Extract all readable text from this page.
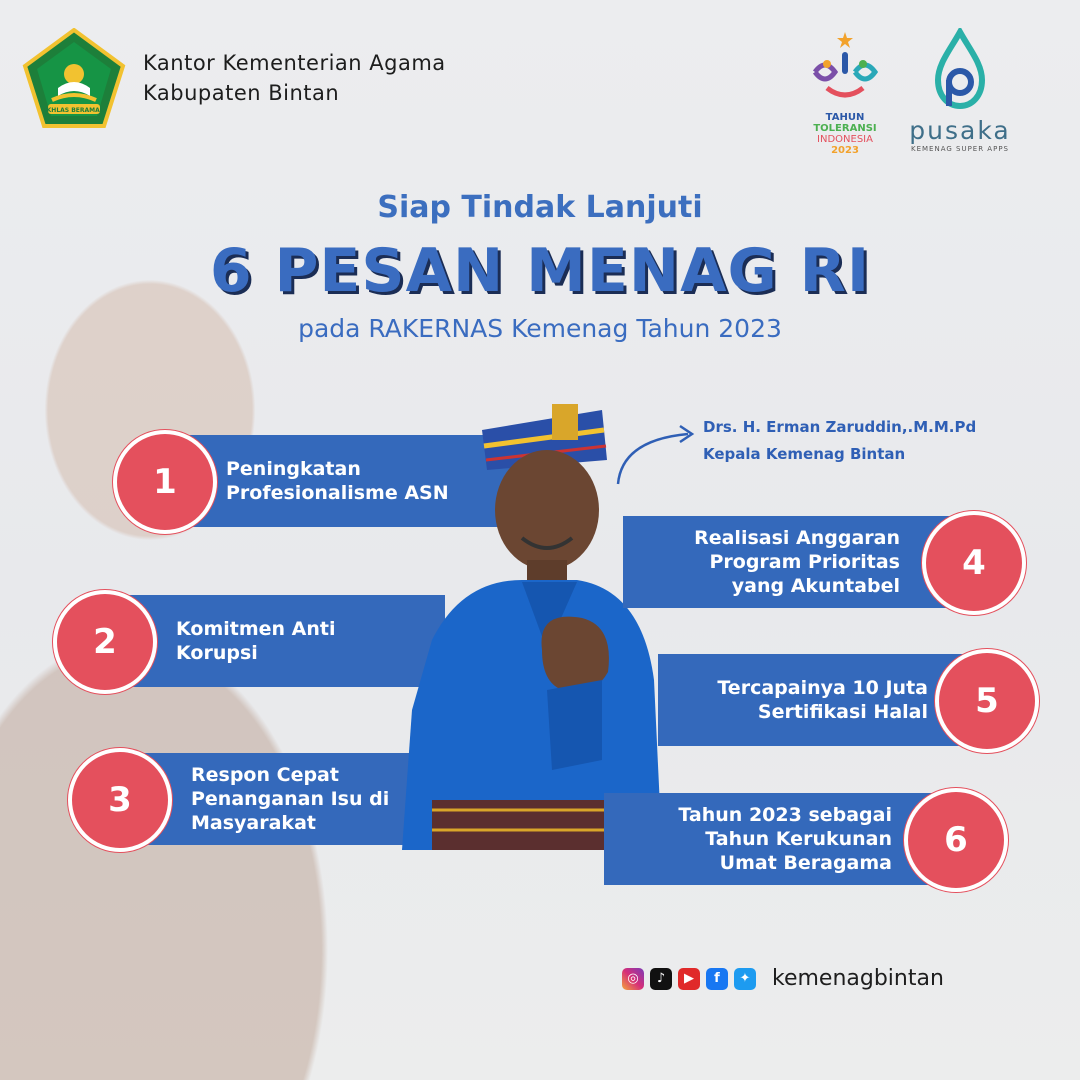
IKHLAS BERAMAL
Kantor Kementerian Agama
Kabupaten Bintan
TAHUN
TOLERANSI
INDONESIA
2023
pusaka
KEMENAG SUPER APPS
Siap Tindak Lanjuti
6 PESAN MENAG RI
pada RAKERNAS Kemenag Tahun 2023
Peningkatan
Profesionalisme ASN
1
Komitmen Anti
Korupsi
2
Respon Cepat
Penanganan Isu di
Masyarakat
3
Drs. H. Erman Zaruddin,.M.M.Pd
Kepala Kemenag Bintan
Realisasi Anggaran
Program Prioritas
yang Akuntabel
4
Tercapainya 10 Juta
Sertifikasi Halal	5
Tahun 2023 sebagai
Tahun Kerukunan
Umat Beragama
6
◎	♪	▶	f	✦ kemenagbintan
